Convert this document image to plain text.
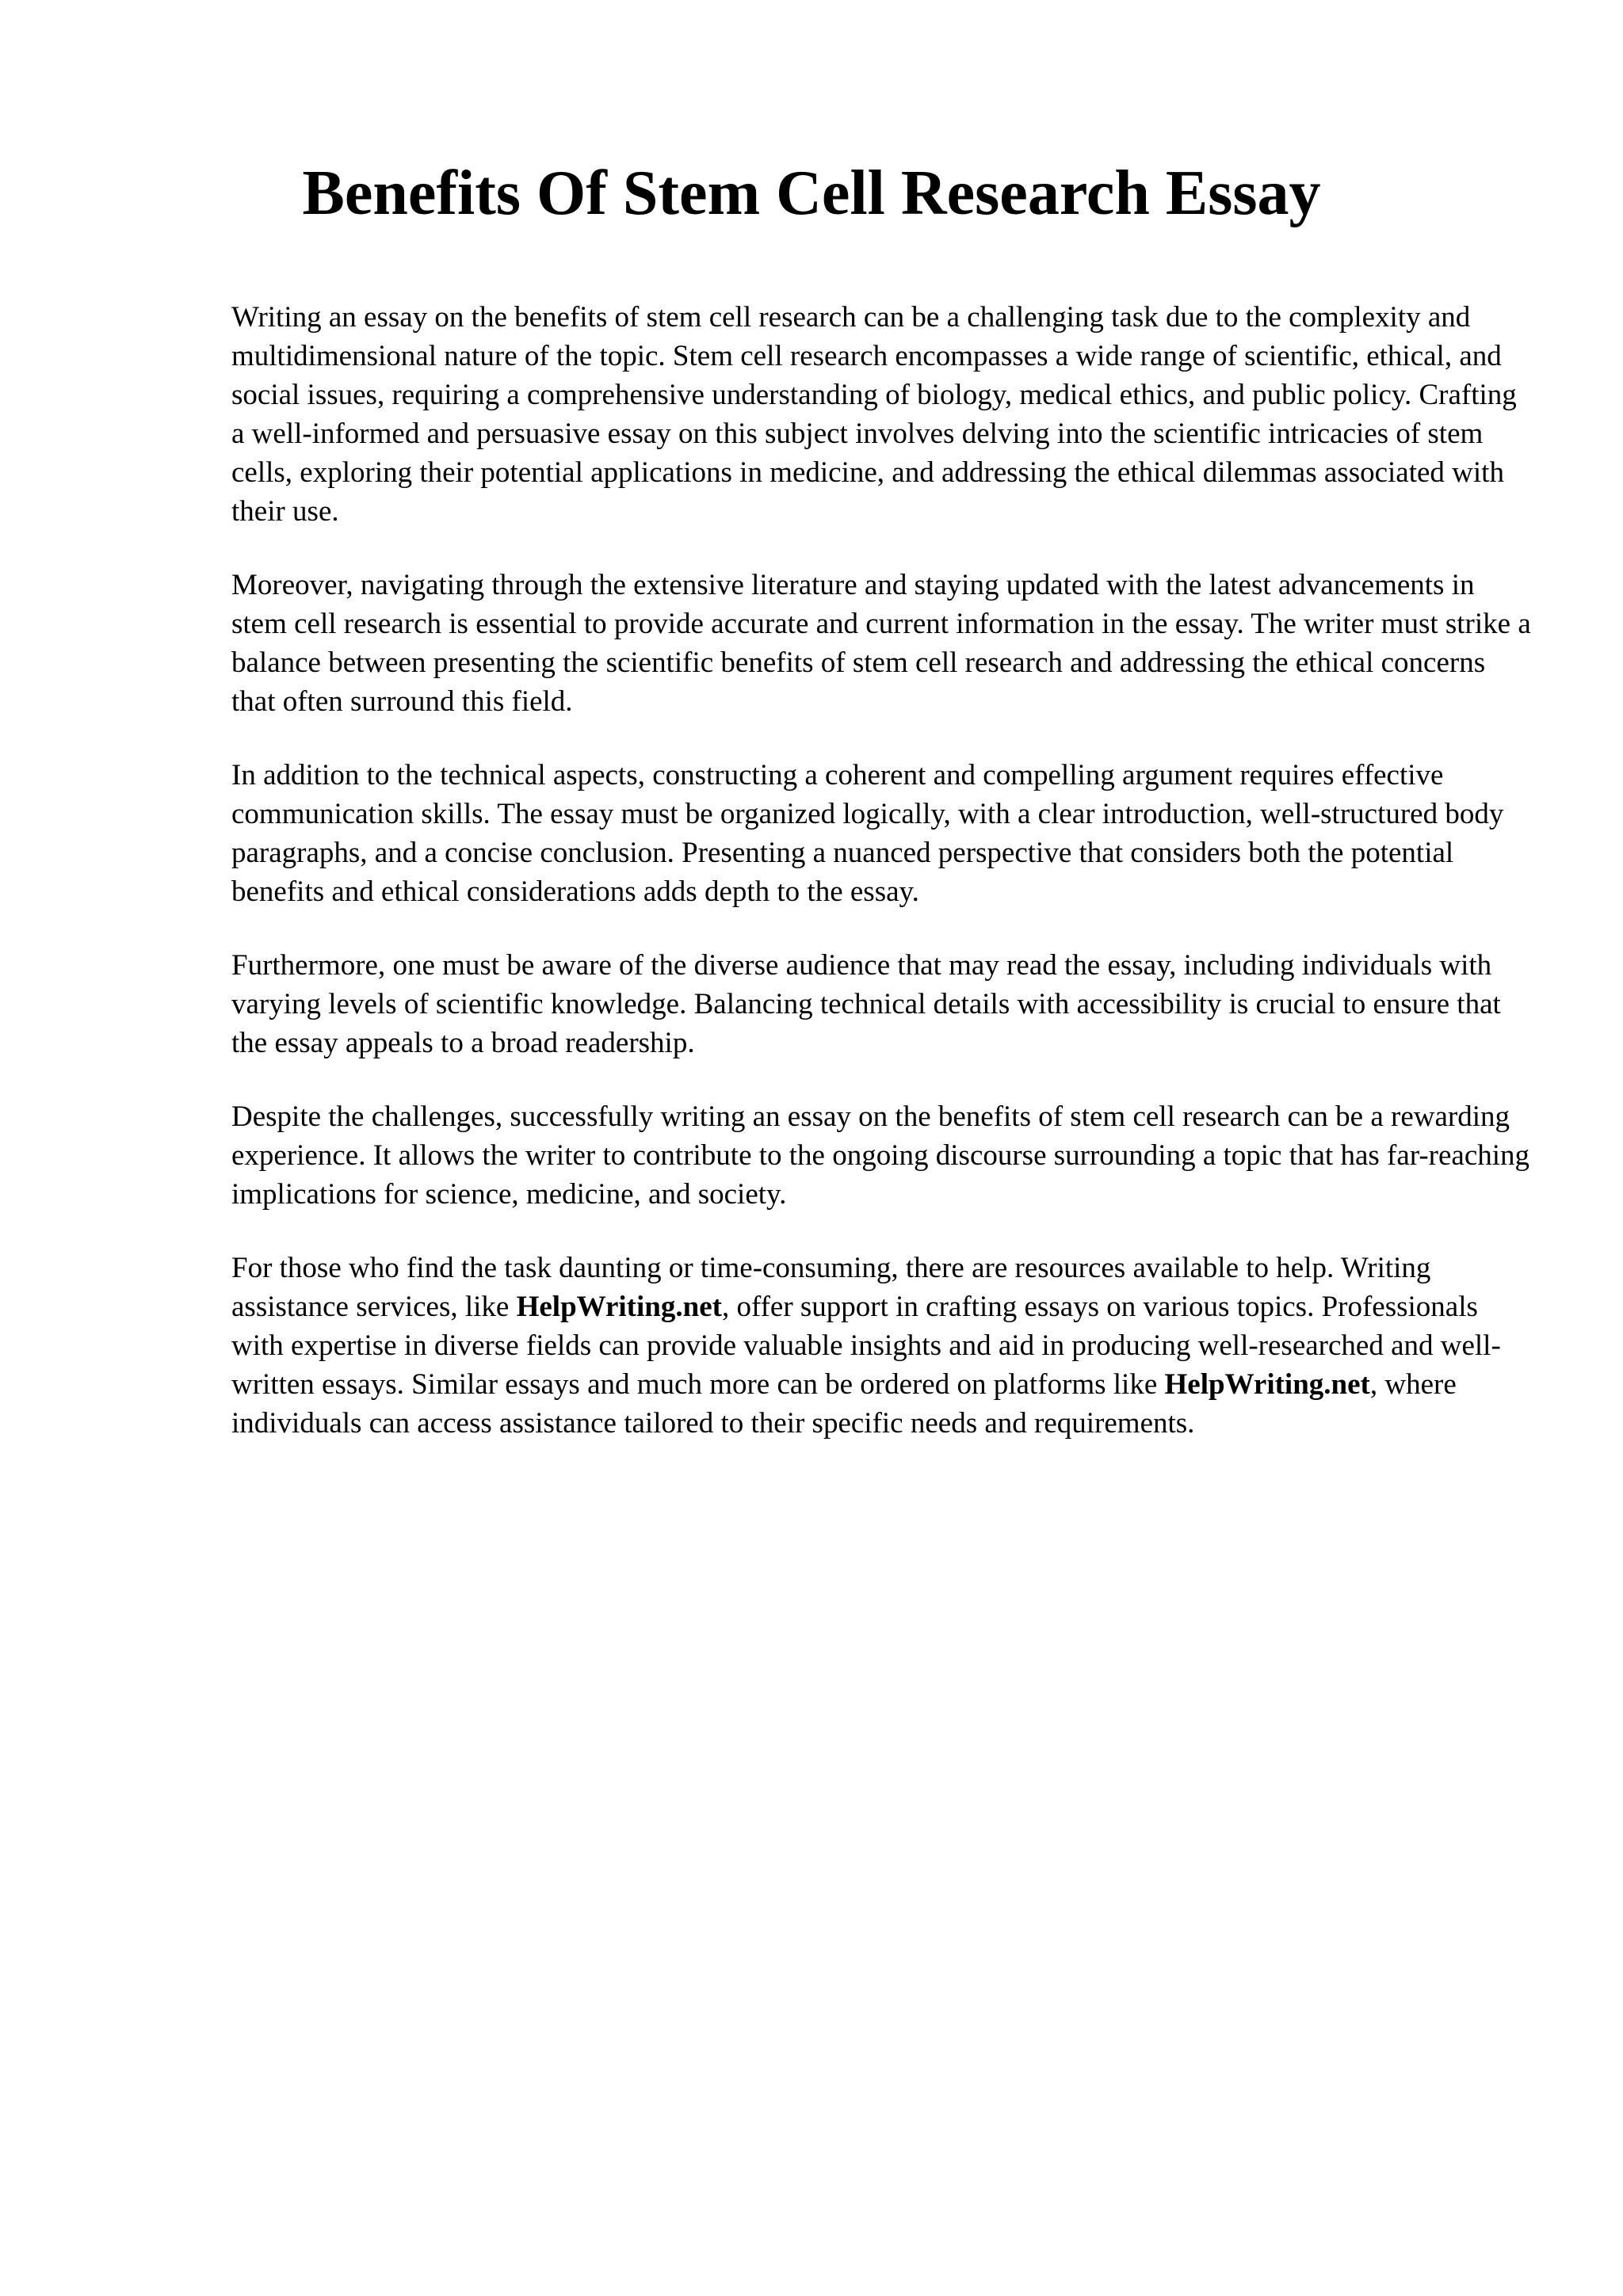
Benefits Of Stem Cell Research Essay

Writing an essay on the benefits of stem cell research can be a challenging task due to the complexity and multidimensional nature of the topic. Stem cell research encompasses a wide range of scientific, ethical, and social issues, requiring a comprehensive understanding of biology, medical ethics, and public policy. Crafting a well-informed and persuasive essay on this subject involves delving into the scientific intricacies of stem cells, exploring their potential applications in medicine, and addressing the ethical dilemmas associated with their use.

Moreover, navigating through the extensive literature and staying updated with the latest advancements in stem cell research is essential to provide accurate and current information in the essay. The writer must strike a balance between presenting the scientific benefits of stem cell research and addressing the ethical concerns that often surround this field.

In addition to the technical aspects, constructing a coherent and compelling argument requires effective communication skills. The essay must be organized logically, with a clear introduction, well-structured body paragraphs, and a concise conclusion. Presenting a nuanced perspective that considers both the potential benefits and ethical considerations adds depth to the essay.

Furthermore, one must be aware of the diverse audience that may read the essay, including individuals with varying levels of scientific knowledge. Balancing technical details with accessibility is crucial to ensure that the essay appeals to a broad readership.

Despite the challenges, successfully writing an essay on the benefits of stem cell research can be a rewarding experience. It allows the writer to contribute to the ongoing discourse surrounding a topic that has far-reaching implications for science, medicine, and society.

For those who find the task daunting or time-consuming, there are resources available to help. Writing assistance services, like HelpWriting.net, offer support in crafting essays on various topics. Professionals with expertise in diverse fields can provide valuable insights and aid in producing well-researched and well-written essays. Similar essays and much more can be ordered on platforms like HelpWriting.net, where individuals can access assistance tailored to their specific needs and requirements.
